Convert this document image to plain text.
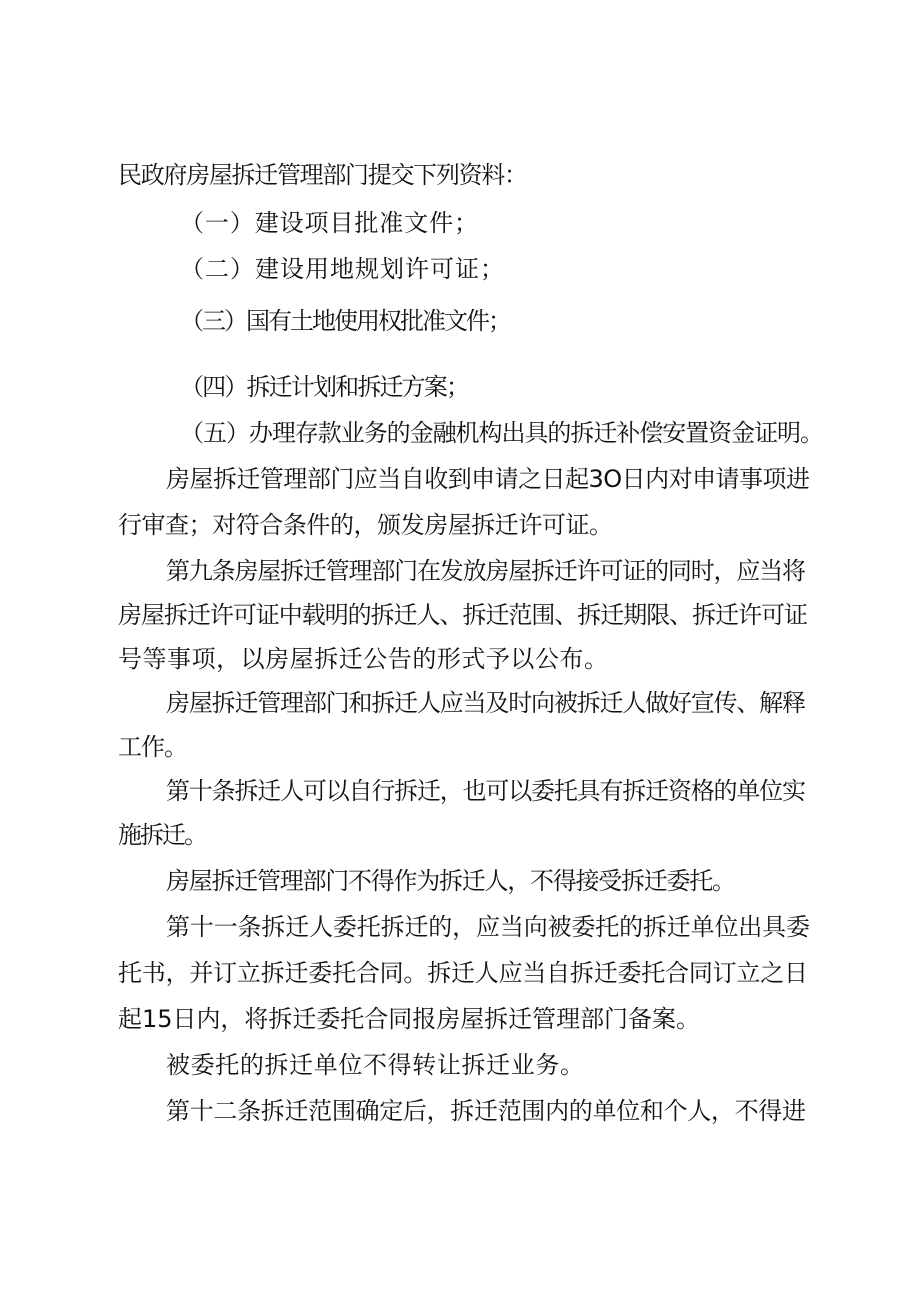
民政府房屋拆迁管理部门提交下列资料：
（一）建设项目批准文件；
（二）建设用地规划许可证；
（三）国有土地使用权批准文件；
（四）拆迁计划和拆迁方案；
（五）办理存款业务的金融机构出具的拆迁补偿安置资金证明。
房屋拆迁管理部门应当自收到申请之日起3O日内对申请事项进
行审查；对符合条件的，颁发房屋拆迁许可证。
第九条房屋拆迁管理部门在发放房屋拆迁许可证的同时，应当将
房屋拆迁许可证中载明的拆迁人、拆迁范围、拆迁期限、拆迁许可证
号等事项，以房屋拆迁公告的形式予以公布。
房屋拆迁管理部门和拆迁人应当及时向被拆迁人做好宣传、解释
工作。
第十条拆迁人可以自行拆迁，也可以委托具有拆迁资格的单位实
施拆迁。
房屋拆迁管理部门不得作为拆迁人，不得接受拆迁委托。
第十一条拆迁人委托拆迁的，应当向被委托的拆迁单位出具委
托书，并订立拆迁委托合同。拆迁人应当自拆迁委托合同订立之日
起15日内，将拆迁委托合同报房屋拆迁管理部门备案。
被委托的拆迁单位不得转让拆迁业务。
第十二条拆迁范围确定后，拆迁范围内的单位和个人，不得进
